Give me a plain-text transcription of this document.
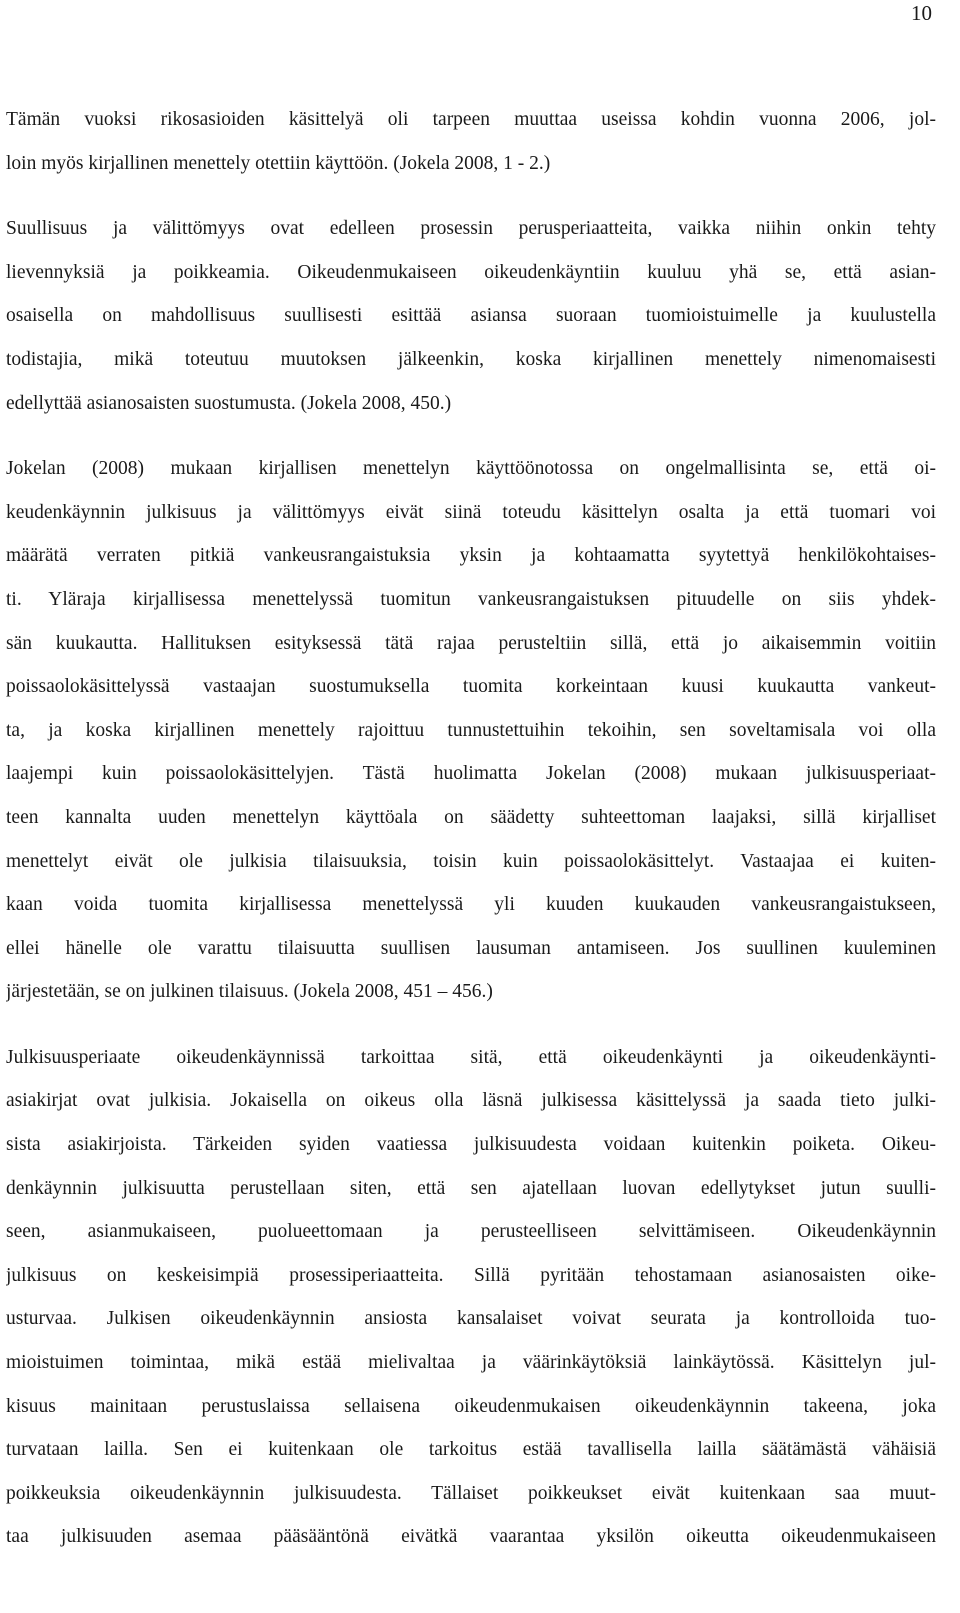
10

Tämän vuoksi rikosasioiden käsittelyä oli tarpeen muuttaa useissa kohdin vuonna 2006, jol-
loin myös kirjallinen menettely otettiin käyttöön. (Jokela 2008, 1 - 2.)

Suullisuus ja välittömyys ovat edelleen prosessin perusperiaatteita, vaikka niihin onkin tehty
lievennyksiä ja poikkeamia. Oikeudenmukaiseen oikeudenkäyntiin kuuluu yhä se, että asian-
osaisella on mahdollisuus suullisesti esittää asiansa suoraan tuomioistuimelle ja kuulustella
todistajia, mikä toteutuu muutoksen jälkeenkin, koska kirjallinen menettely nimenomaisesti
edellyttää asianosaisten suostumusta. (Jokela 2008, 450.)

Jokelan (2008) mukaan kirjallisen menettelyn käyttöönotossa on ongelmallisinta se, että oi-
keudenkäynnin julkisuus ja välittömyys eivät siinä toteudu käsittelyn osalta ja että tuomari voi
määrätä verraten pitkiä vankeusrangaistuksia yksin ja kohtaamatta syytettyä henkilökohtaises-
ti. Yläraja kirjallisessa menettelyssä tuomitun vankeusrangaistuksen pituudelle on siis yhdek-
sän kuukautta. Hallituksen esityksessä tätä rajaa perusteltiin sillä, että jo aikaisemmin voitiin
poissaolokäsittelyssä vastaajan suostumuksella tuomita korkeintaan kuusi kuukautta vankeut-
ta, ja koska kirjallinen menettely rajoittuu tunnustettuihin tekoihin, sen soveltamisala voi olla
laajempi kuin poissaolokäsittelyjen. Tästä huolimatta Jokelan (2008) mukaan julkisuusperiaat-
teen kannalta uuden menettelyn käyttöala on säädetty suhteettoman laajaksi, sillä kirjalliset
menettelyt eivät ole julkisia tilaisuuksia, toisin kuin poissaolokäsittelyt. Vastaajaa ei kuiten-
kaan voida tuomita kirjallisessa menettelyssä yli kuuden kuukauden vankeusrangaistukseen,
ellei hänelle ole varattu tilaisuutta suullisen lausuman antamiseen. Jos suullinen kuuleminen
järjestetään, se on julkinen tilaisuus. (Jokela 2008, 451 – 456.)

Julkisuusperiaate oikeudenkäynnissä tarkoittaa sitä, että oikeudenkäynti ja oikeudenkäynti-
asiakirjat ovat julkisia. Jokaisella on oikeus olla läsnä julkisessa käsittelyssä ja saada tieto julki-
sista asiakirjoista. Tärkeiden syiden vaatiessa julkisuudesta voidaan kuitenkin poiketa. Oikeu-
denkäynnin julkisuutta perustellaan siten, että sen ajatellaan luovan edellytykset jutun suulli-
seen, asianmukaiseen, puolueettomaan ja perusteelliseen selvittämiseen. Oikeudenkäynnin
julkisuus on keskeisimpiä prosessiperiaatteita. Sillä pyritään tehostamaan asianosaisten oike-
usturvaa. Julkisen oikeudenkäynnin ansiosta kansalaiset voivat seurata ja kontrolloida tuo-
mioistuimen toimintaa, mikä estää mielivaltaa ja väärinkäytöksiä lainkäytössä. Käsittelyn jul-
kisuus mainitaan perustuslaissa sellaisena oikeudenmukaisen oikeudenkäynnin takeena, joka
turvataan lailla. Sen ei kuitenkaan ole tarkoitus estää tavallisella lailla säätämästä vähäisiä
poikkeuksia oikeudenkäynnin julkisuudesta. Tällaiset poikkeukset eivät kuitenkaan saa muut-
taa julkisuuden asemaa pääsääntönä eivätkä vaarantaa yksilön oikeutta oikeudenmukaiseen
